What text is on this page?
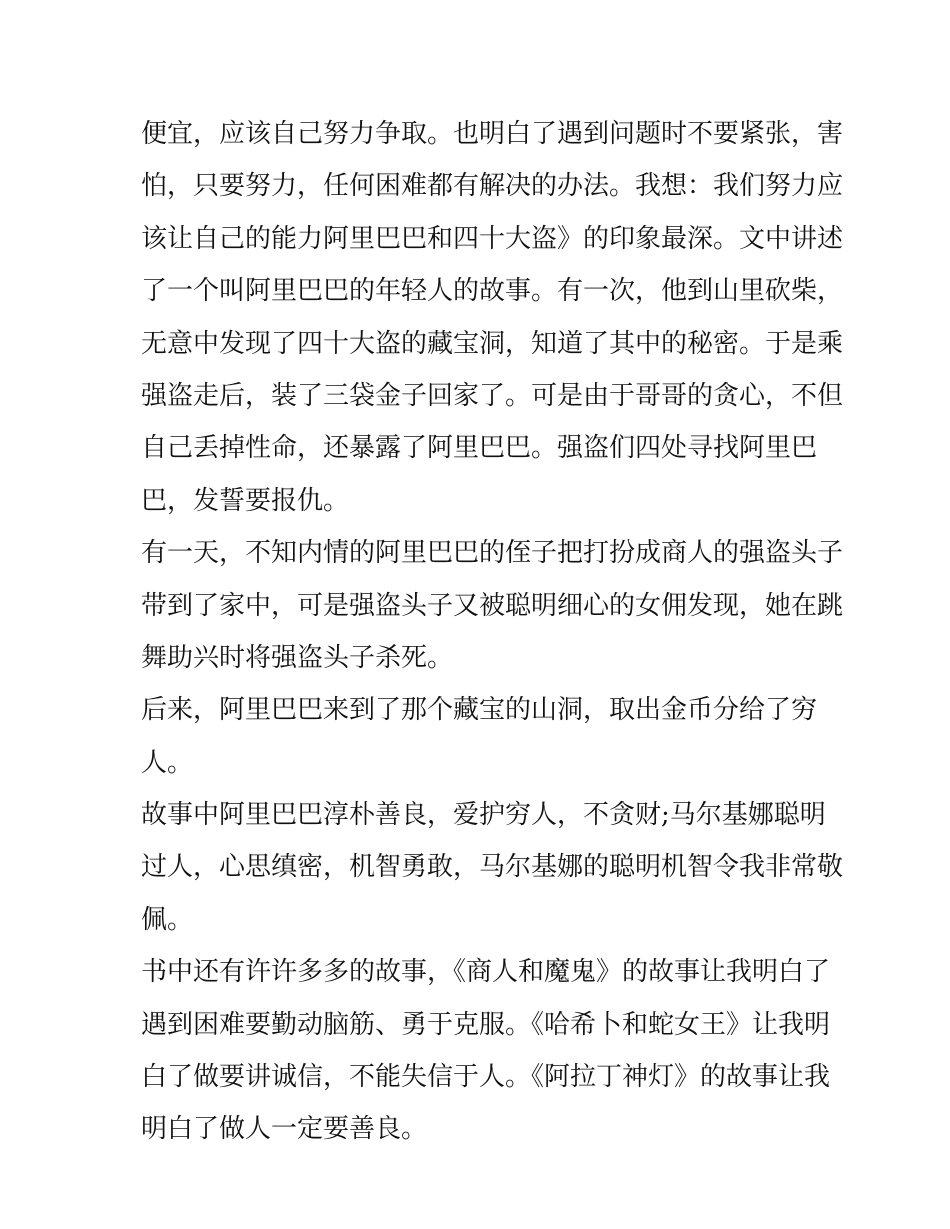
便宜，应该自己努力争取。也明白了遇到问题时不要紧张，害
怕，只要努力，任何困难都有解决的办法。我想：我们努力应
该让自己的能力阿里巴巴和四十大盗》的印象最深。文中讲述
了一个叫阿里巴巴的年轻人的故事。有一次，他到山里砍柴，
无意中发现了四十大盗的藏宝洞，知道了其中的秘密。于是乘
强盗走后，装了三袋金子回家了。可是由于哥哥的贪心，不但
自己丢掉性命，还暴露了阿里巴巴。强盗们四处寻找阿里巴
巴，发誓要报仇。
有一天，不知内情的阿里巴巴的侄子把打扮成商人的强盗头子
带到了家中，可是强盗头子又被聪明细心的女佣发现，她在跳
舞助兴时将强盗头子杀死。
后来，阿里巴巴来到了那个藏宝的山洞，取出金币分给了穷
人。
故事中阿里巴巴淳朴善良，爱护穷人，不贪财;马尔基娜聪明
过人，心思缜密，机智勇敢，马尔基娜的聪明机智令我非常敬
佩。
书中还有许许多多的故事，《商人和魔鬼》的故事让我明白了
遇到困难要勤动脑筋、勇于克服。《哈希卜和蛇女王》让我明
白了做要讲诚信，不能失信于人。《阿拉丁神灯》的故事让我
明白了做人一定要善良。
